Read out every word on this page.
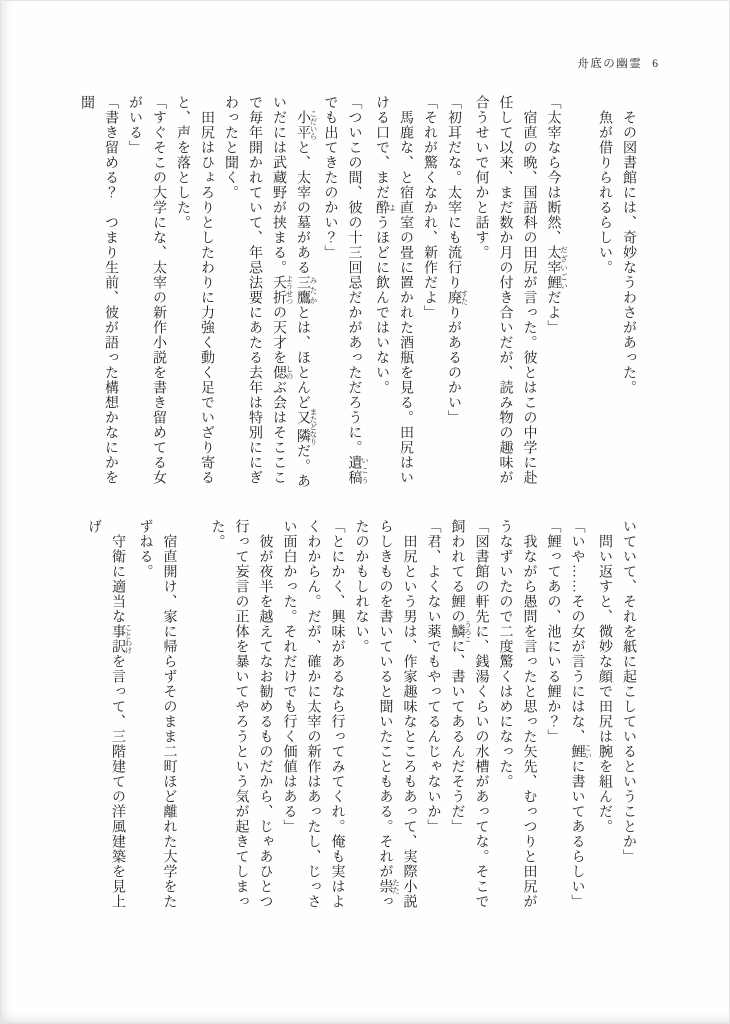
舟底の幽霊 6

　その図書館には、奇妙なうわさがあった。

　魚が借りられるらしい。

「太宰なら今は断然、太宰鯉 だざいごいだよ」

　宿直の晩、国語科の田尻が言った。彼とはこの中学に赴任して以来、まだ数か月の付き合いだが、読み物の趣味が合うせいで何かと話す。

「初耳だな。太宰にも流行り廃 すたりがあるのかい」

「それが驚くなかれ、新作だよ」

　馬鹿な、と宿直室の畳に置かれた酒瓶を見る。田尻はいける口で、まだ酔 ようほどに飲んではいない。

「ついこの間、彼の十三回忌だかがあっただろうに。遺稿 いこうでも出てきたのかい？」

　小平 こだいらと、太宰の墓がある三鷹 みたかとは、ほとんど又隣 またどなりだ。あいだには武蔵野が挟まる。夭折 ようせつの天才を偲 しのぶ会はそこここで毎年開かれていて、年忌法要にあたる去年は特別ににぎわったと聞く。

　田尻はひょろりとしたわりに力強く動く足でいざり寄ると、声を落とした。

「すぐそこの大学にな、太宰の新作小説を書き留めてる女がいる」

「書き留める？　つまり生前、彼が語った構想かなにかを聞

いていて、それを紙に起こしているということか」

　問い返すと、微妙な顔で田尻は腕を組んだ。

「いや……その女が言うにはな、鯉 こいに書いてあるらしい」

「鯉ってあの、池にいる鯉か？」

　我ながら愚問を言ったと思った矢先、むっつりと田尻がうなずいたので二度驚くはめになった。

「図書館の軒先に、銭湯くらいの水槽があってな。そこで飼われてる鯉の鱗 うろこに、書いてあるんだそうだ」

「君、よくない薬でもやってるんじゃないか」

　田尻という男は、作家趣味なところもあって、実際小説らしきものを書いていると聞いたこともある。それが祟 たたったのかもしれない。

「とにかく、興味があるなら行ってみてくれ。俺も実はよくわからん。だが、確かに太宰の新作はあったし、じっさい面白かった。それだけでも行く価値はある」

　彼が夜半を越えてなお勧めるものだから、じゃあひとつ行って妄言の正体を暴いてやろうという気が起きてしまった。

　宿直開け、家に帰らずそのまま二町ほど離れた大学をたずねる。

　守衛に適当な事訳 ことわけを言って、三階建ての洋風建築を見上げ
